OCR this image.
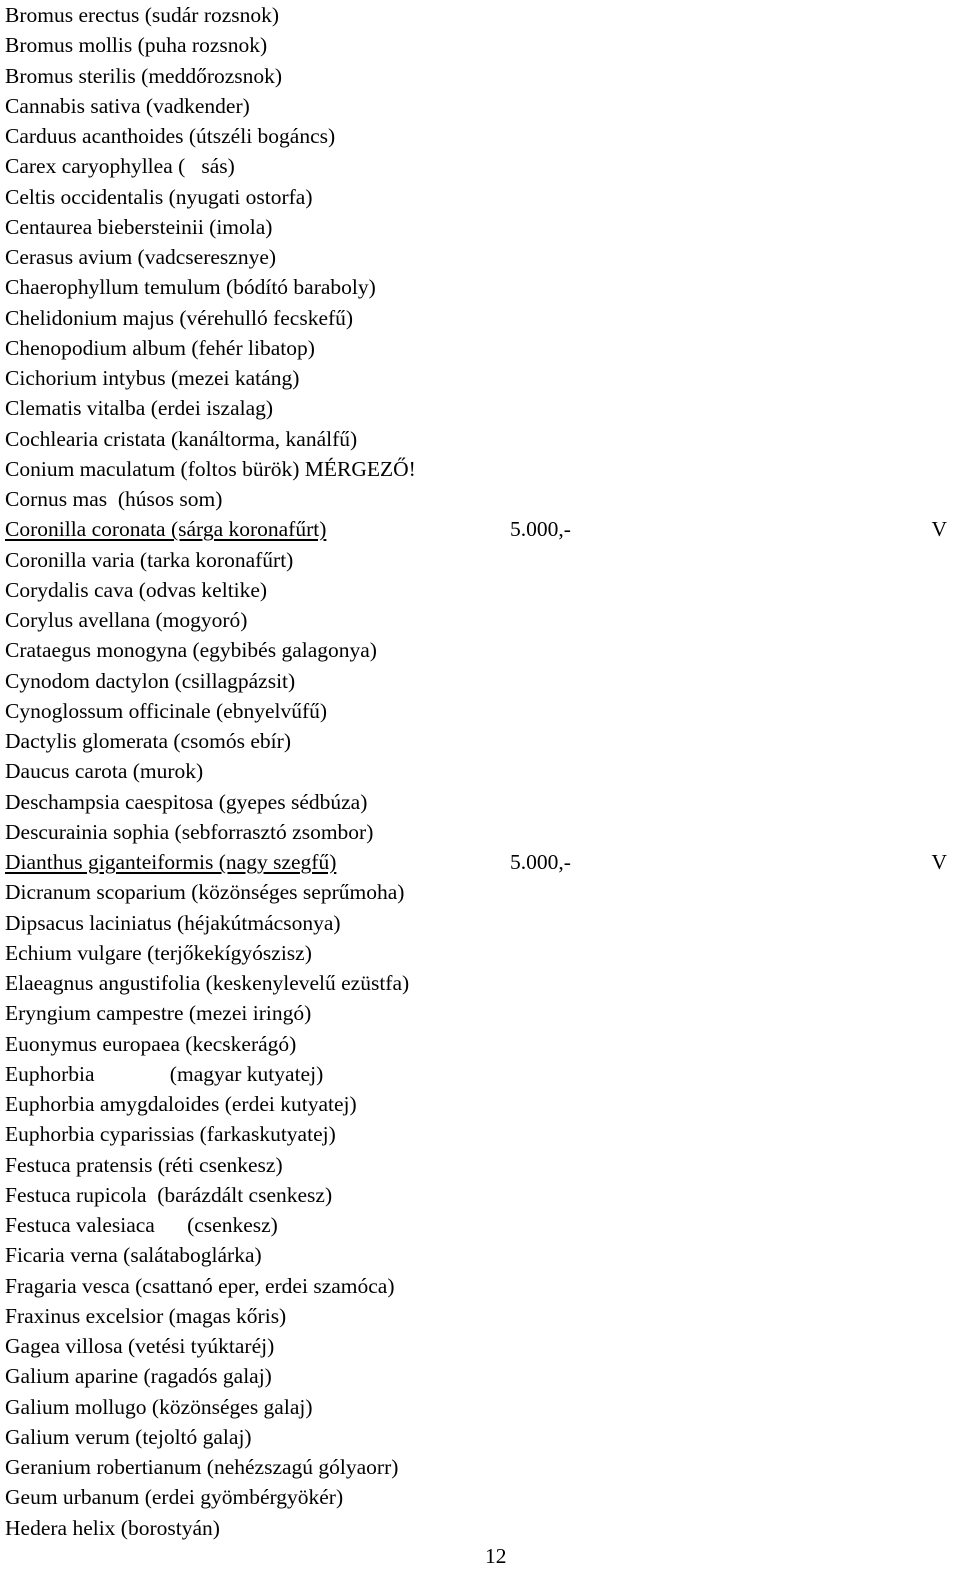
Bromus erectus (sudár rozsnok)
Bromus mollis (puha rozsnok)
Bromus sterilis (meddőrozsnok)
Cannabis sativa (vadkender)
Carduus acanthoides (útszéli bogáncs)
Carex caryophyllea (   sás)
Celtis occidentalis (nyugati ostorfa)
Centaurea biebersteinii (imola)
Cerasus avium (vadcseresznye)
Chaerophyllum temulum (bódító baraboly)
Chelidonium majus (vérehulló fecskefű)
Chenopodium album (fehér libatop)
Cichorium intybus (mezei katáng)
Clematis vitalba (erdei iszalag)
Cochlearia cristata (kanáltorma, kanálfű)
Conium maculatum (foltos bürök) MÉRGEZŐ!
Cornus mas  (húsos som)
Coronilla coronata (sárga koronafűrt)	5.000,-	V
Coronilla varia (tarka koronafűrt)
Corydalis cava (odvas keltike)
Corylus avellana (mogyoró)
Crataegus monogyna (egybibés galagonya)
Cynodom dactylon (csillagpázsit)
Cynoglossum officinale (ebnyelvűfű)
Dactylis glomerata (csomós ebír)
Daucus carota (murok)
Deschampsia caespitosa (gyepes sédbúza)
Descurainia sophia (sebforrasztó zsombor)
Dianthus giganteiformis (nagy szegfű)	5.000,-	V
Dicranum scoparium (közönséges seprűmoha)
Dipsacus laciniatus (héjakútmácsonya)
Echium vulgare (terjőkekígyószisz)
Elaeagnus angustifolia (keskenylevelű ezüstfa)
Eryngium campestre (mezei iringó)
Euonymus europaea (kecskerágó)
Euphorbia              (magyar kutyatej)
Euphorbia amygdaloides (erdei kutyatej)
Euphorbia cyparissias (farkaskutyatej)
Festuca pratensis (réti csenkesz)
Festuca rupicola  (barázdált csenkesz)
Festuca valesiaca      (csenkesz)
Ficaria verna (salátaboglárka)
Fragaria vesca (csattanó eper, erdei szamóca)
Fraxinus excelsior (magas kőris)
Gagea villosa (vetési tyúktaréj)
Galium aparine (ragadós galaj)
Galium mollugo (közönséges galaj)
Galium verum (tejoltó galaj)
Geranium robertianum (nehézszagú gólyaorr)
Geum urbanum (erdei gyömbérgyökér)
Hedera helix (borostyán)
12
